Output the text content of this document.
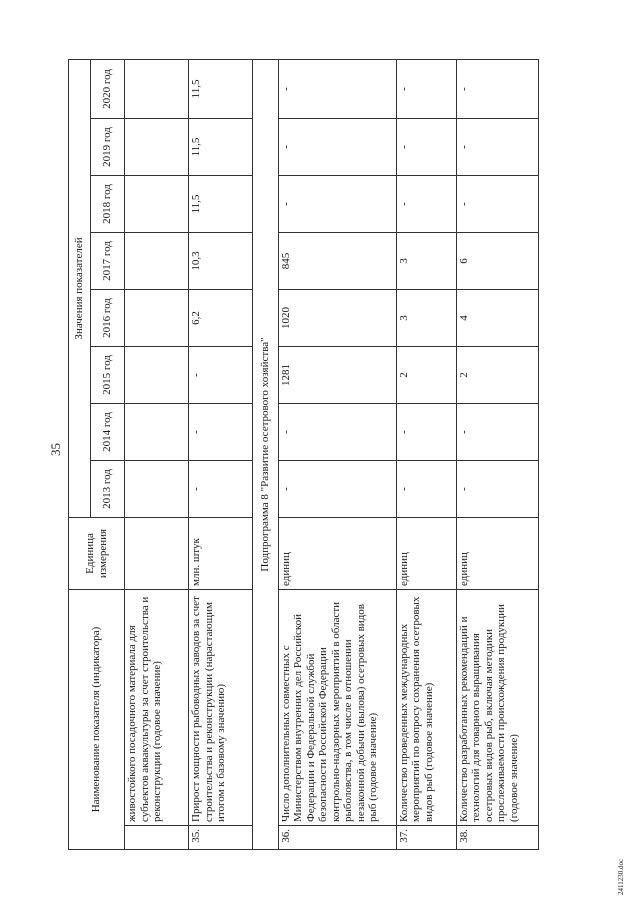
35
2411230.doc
Наименование показателя (индикатора)		Единица измерения	Значения показателей							
			2013 год	2014 год	2015 год	2016 год	2017 год	2018 год	2019 год	2020 год
	живостойкого посадочного материала для субъектов аквакультуры за счет строительства и реконструкции (годовое значение)									
35.	Прирост мощности рыбоводных заводов за счет строительства и реконструкции (нарастающим итогом к базовому значению)	млн. штук	-	-	-	6,2	10,3	11,5	11,5	11,5
Подпрограмма 8 "Развитие осетрового хозяйства"										
36.	Число дополнительных совместных с Министерством внутренних дел Российской Федерации и Федеральной службой безопасности Российской Федерации контрольно-надзорных мероприятий в области рыболовства, в том числе в отношении незаконной добычи (вылова) осетровых видов рыб (годовое значение)	единиц	-	-	1281	1020	845	-	-	-
37.	Количество проведенных международных мероприятий по вопросу сохранения осетровых видов рыб (годовое значение)	единиц	-	-	2	3	3	-	-	-
38.	Количество разработанных рекомендаций и технологий для товарного выращивания осетровых видов рыб, включая методики прослеживаемости происхождения продукции (годовое значение)	единиц	-	-	2	4	6	-	-	-
